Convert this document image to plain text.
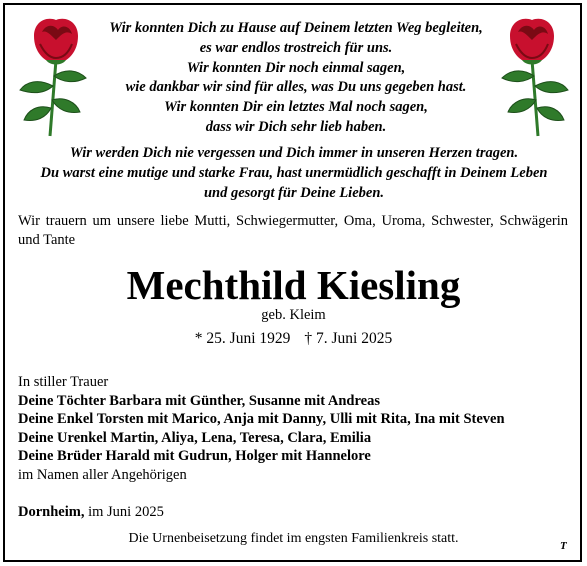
Wir konnten Dich zu Hause auf Deinem letzten Weg begleiten,
es war endlos trostreich für uns.
Wir konnten Dir noch einmal sagen,
wie dankbar wir sind für alles, was Du uns gegeben hast.
Wir konnten Dir ein letztes Mal noch sagen,
dass wir Dich sehr lieb haben.
Wir werden Dich nie vergessen und Dich immer in unseren Herzen tragen.
Du warst eine mutige und starke Frau, hast unermüdlich geschafft in Deinem Leben
und gesorgt für Deine Lieben.
Wir trauern um unsere liebe Mutti, Schwiegermutter, Oma, Uroma, Schwester, Schwägerin und Tante
Mechthild Kiesling
geb. Kleim
* 25. Juni 1929 † 7. Juni 2025
In stiller Trauer
Deine Töchter Barbara mit Günther, Susanne mit Andreas
Deine Enkel Torsten mit Marico, Anja mit Danny, Ulli mit Rita, Ina mit Steven
Deine Urenkel Martin, Aliya, Lena, Teresa, Clara, Emilia
Deine Brüder Harald mit Gudrun, Holger mit Hannelore
im Namen aller Angehörigen
Dornheim, im Juni 2025
Die Urnenbeisetzung findet im engsten Familienkreis statt.	T
